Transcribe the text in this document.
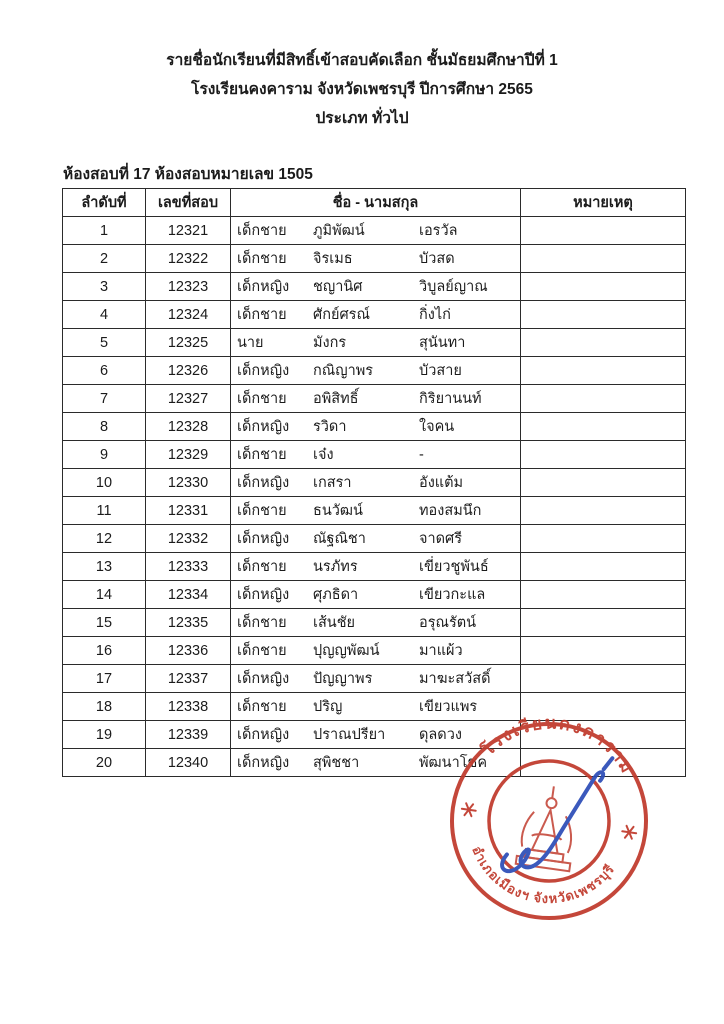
รายชื่อนักเรียนที่มีสิทธิ์เข้าสอบคัดเลือก ชั้นมัธยมศึกษาปีที่ 1
โรงเรียนคงคาราม จังหวัดเพชรบุรี ปีการศึกษา 2565
ประเภท ทั่วไป
ห้องสอบที่ 17 ห้องสอบหมายเลข 1505
ลำดับที่	เลขที่สอบ	ชื่อ - นามสกุล	หมายเหตุ
1	12321	เด็กชาย ภูมิพัฒน์ เอรวัล	

2	12322	เด็กชาย จิรเมธ บัวสด	

3	12323	เด็กหญิง ชญานิศ วิบูลย์ญาณ	

4	12324	เด็กชาย ศักย์ศรณ์ กิ่งไก่	

5	12325	นาย มังกร สุนันทา	

6	12326	เด็กหญิง กณิญาพร บัวสาย	

7	12327	เด็กชาย อพิสิทธิ์ กิริยานนท์	

8	12328	เด็กหญิง รวิดา ใจคน	

9	12329	เด็กชาย เจ๋ง -	

10	12330	เด็กหญิง เกสรา อังแต้ม	

11	12331	เด็กชาย ธนวัฒน์ ทองสมนึก	

12	12332	เด็กหญิง ณัฐณิชา จาดศรี	

13	12333	เด็กชาย นรภัทร เขี่ยวชูพันธ์	

14	12334	เด็กหญิง ศุภธิดา เขียวกะแล	

15	12335	เด็กชาย เส้นชัย อรุณรัตน์	

16	12336	เด็กชาย ปุญญพัฒน์ มาแผ้ว	

17	12337	เด็กหญิง ปัญญาพร มาฆะสวัสดิ์	

18	12338	เด็กชาย ปริญ เขียวแพร	

19	12339	เด็กหญิง ปราณปรียา ดุลดวง	

20	12340	เด็กหญิง สุพิชชา พัฒนาโชค	

โรงเรียนคงคาราม
อำเภอเมืองฯ จังหวัดเพชรบุรี
